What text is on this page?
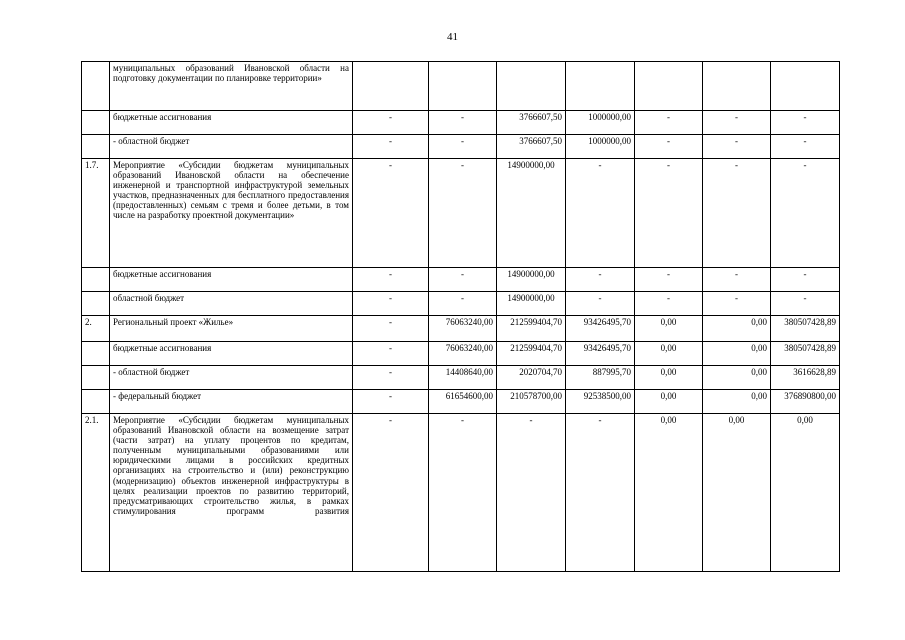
41
	муниципальных образований Ивановской области на подготовку документации по планировке территории»							
	бюджетные ассигнования	-	-	3766607,50	1000000,00	-	-	-
	- областной бюджет	-	-	3766607,50	1000000,00	-	-	-
1.7.	Мероприятие «Субсидии бюджетам муниципальных образований Ивановской области на обеспечение инженерной и транспортной инфраструктурой земельных участков, предназначенных для бесплатного предоставления (предоставленных) семьям с тремя и более детьми, в том числе на разработку проектной документации»	-	-	14900000,00	-	-	-	-
	бюджетные ассигнования	-	-	14900000,00	-	-	-	-
	областной бюджет	-	-	14900000,00	-	-	-	-
2.	Региональный проект «Жилье»	-	76063240,00	212599404,70	93426495,70	0,00	0,00	380507428,89
	бюджетные ассигнования	-	76063240,00	212599404,70	93426495,70	0,00	0,00	380507428,89
	- областной бюджет	-	14408640,00	2020704,70	887995,70	0,00	0,00	3616628,89
	- федеральный бюджет	-	61654600,00	210578700,00	92538500,00	0,00	0,00	376890800,00
2.1.	Мероприятие «Субсидии бюджетам муниципальных образований Ивановской области на возмещение затрат (части затрат) на уплату процентов по кредитам, полученным муниципальными образованиями или юридическими лицами в российских кредитных организациях на строительство и (или) реконструкцию (модернизацию) объектов инженерной инфраструктуры в целях реализации проектов по развитию территорий, предусматривающих строительство жилья, в рамках стимулирования программ развития	-	-	-	-	0,00	0,00	0,00
